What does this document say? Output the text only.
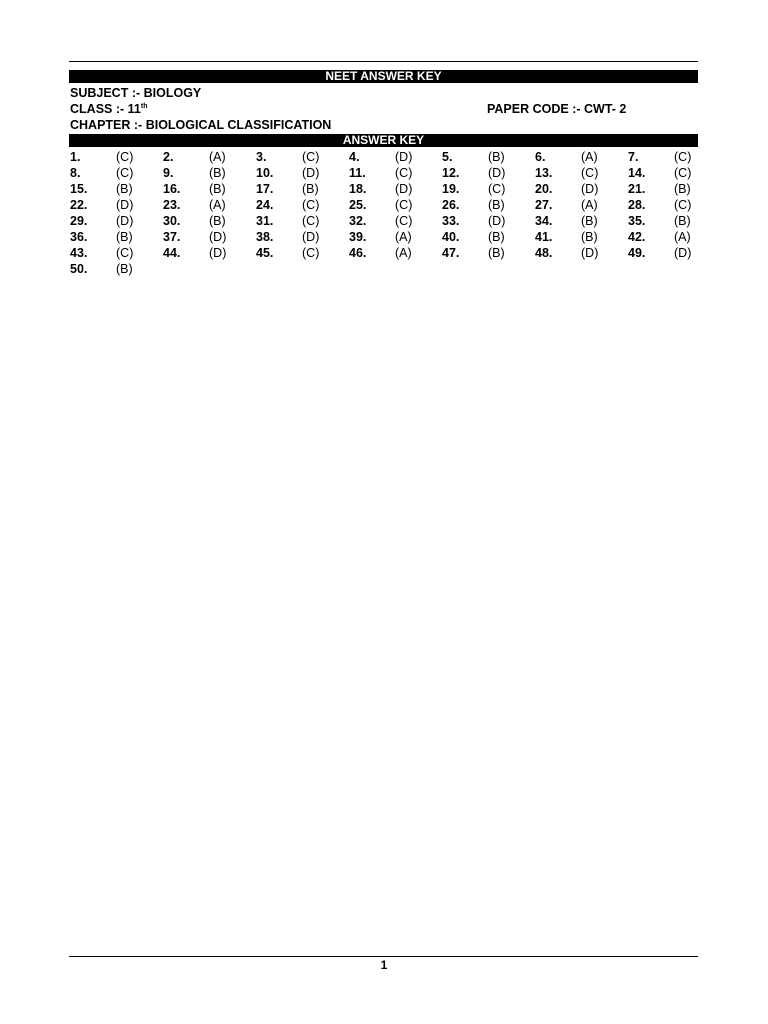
NEET ANSWER KEY
SUBJECT :- BIOLOGY
CLASS :- 11th	PAPER CODE :- CWT- 2
CHAPTER :- BIOLOGICAL CLASSIFICATION
ANSWER KEY
1.	(C) 2.	(A) 3.	(C) 4.	(D) 5.	(B) 6.	(A) 7.	(C)
8.	(C) 9.	(B) 10. (D) 11. (C) 12. (D) 13. (C) 14. (C)
15. (B) 16. (B) 17. (B) 18. (D) 19. (C) 20. (D) 21. (B)
22. (D) 23. (A) 24. (C) 25. (C) 26. (B) 27. (A) 28. (C)
29. (D) 30. (B) 31. (C) 32. (C) 33. (D) 34. (B) 35. (B)
36. (B) 37. (D) 38. (D) 39. (A) 40. (B) 41. (B) 42. (A)
43. (C) 44. (D) 45. (C) 46. (A) 47. (B) 48. (D) 49. (D)
50. (B)
1
